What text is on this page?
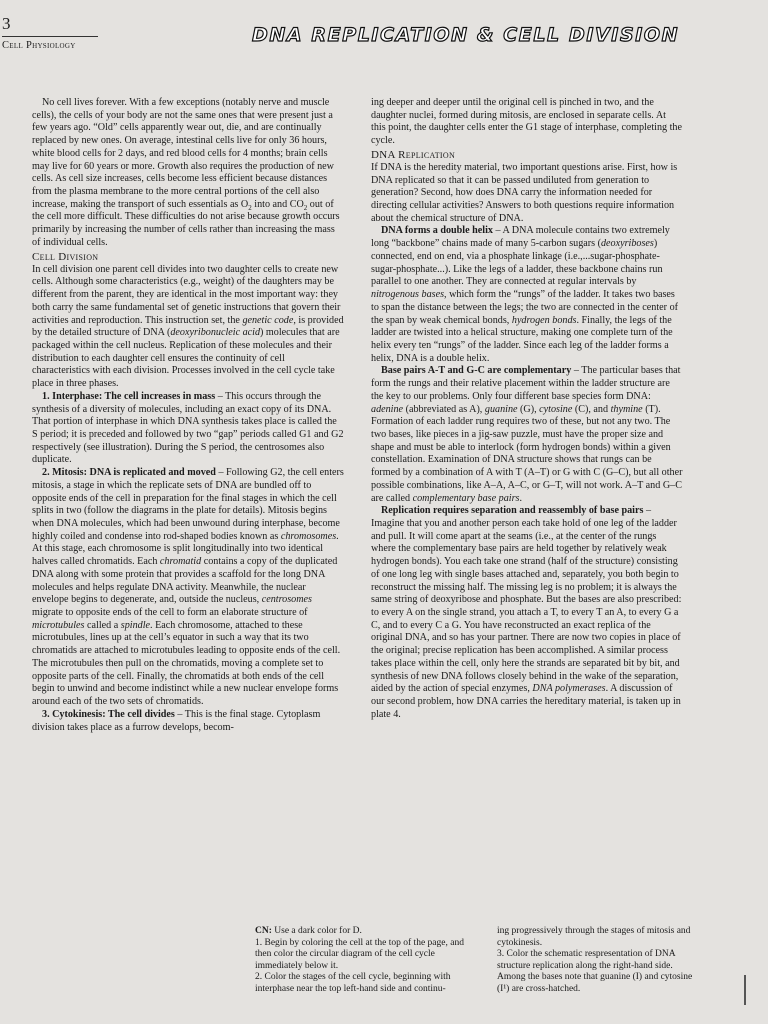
3
Cell Physiology	DNA REPLICATION & CELL DIVISION

No cell lives forever. With a few exceptions (notably nerve and muscle cells), the cells of your body are not the same ones that were present just a few years ago. “Old” cells apparently wear out, die, and are continually replaced by new ones. On average, intestinal cells live for only 36 hours, white blood cells for 2 days, and red blood cells for 4 months; brain cells may live for 60 years or more. Growth also requires the production of new cells. As cell size increases, cells become less efficient because distances from the plasma membrane to the more central portions of the cell also increase, making the transport of such essentials as $O_2$ into and $CO_2$ out of the cell more difficult. These difficulties do not arise because growth occurs primarily by increasing the number of cells rather than increasing the mass of individual cells.

Cell Division

In cell division one parent cell divides into two daughter cells to create new cells. Although some characteristics (e.g., weight) of the daughters may be different from the parent, they are identical in the most important way: they both carry the same fundamental set of genetic instructions that govern their activities and reproduction. This instruction set, the genetic code, is provided by the detailed structure of DNA (deoxyribonucleic acid) molecules that are packaged within the cell nucleus. Replication of these molecules and their distribution to each daughter cell ensures the continuity of cell characteristics with each division. Processes involved in the cell cycle take place in three phases.

1. Interphase: The cell increases in mass – This occurs through the synthesis of a diversity of molecules, including an exact copy of its DNA. That portion of interphase in which DNA synthesis takes place is called the S period; it is preceded and followed by two “gap” periods called G1 and G2 respectively (see illustration). During the S period, the centrosomes also duplicate.

2. Mitosis: DNA is replicated and moved – Following G2, the cell enters mitosis, a stage in which the replicate sets of DNA are bundled off to opposite ends of the cell in preparation for the final stages in which the cell splits in two (follow the diagrams in the plate for details). Mitosis begins when DNA molecules, which had been unwound during interphase, become highly coiled and condense into rod-shaped bodies known as chromosomes. At this stage, each chromosome is split longitudinally into two identical halves called chromatids. Each chromatid contains a copy of the duplicated DNA along with some protein that provides a scaffold for the long DNA molecules and helps regulate DNA activity. Meanwhile, the nuclear envelope begins to degenerate, and, outside the nucleus, centrosomes migrate to opposite ends of the cell to form an elaborate structure of microtubules called a spindle. Each chromosome, attached to these microtubules, lines up at the cell’s equator in such a way that its two chromatids are attached to microtubules leading to opposite ends of the cell. The microtubules then pull on the chromatids, moving a complete set to opposite parts of the cell. Finally, the chromatids at both ends of the cell begin to unwind and become indistinct while a new nuclear envelope forms around each of the two sets of chromatids.

3. Cytokinesis: The cell divides – This is the final stage. Cytoplasm division takes place as a furrow develops, becom-

ing deeper and deeper until the original cell is pinched in two, and the daughter nuclei, formed during mitosis, are enclosed in separate cells. At this point, the daughter cells enter the G1 stage of interphase, completing the cycle.

DNA Replication

If DNA is the heredity material, two important questions arise. First, how is DNA replicated so that it can be passed undiluted from generation to generation? Second, how does DNA carry the information needed for directing cellular activities? Answers to both questions require information about the chemical structure of DNA.

DNA forms a double helix – A DNA molecule contains two extremely long “backbone” chains made of many 5-carbon sugars (deoxyriboses) connected, end on end, via a phosphate linkage (i.e.,...sugar-phosphate-sugar-phosphate...). Like the legs of a ladder, these backbone chains run parallel to one another. They are connected at regular intervals by nitrogenous bases, which form the “rungs” of the ladder. It takes two bases to span the distance between the legs; the two are connected in the center of the span by weak chemical bonds, hydrogen bonds. Finally, the legs of the ladder are twisted into a helical structure, making one complete turn of the helix every ten “rungs” of the ladder. Since each leg of the ladder forms a helix, DNA is a double helix.

Base pairs A-T and G-C are complementary – The particular bases that form the rungs and their relative placement within the ladder structure are the key to our problems. Only four different base species form DNA: adenine (abbreviated as A), guanine (G), cytosine (C), and thymine (T). Formation of each ladder rung requires two of these, but not any two. The two bases, like pieces in a jig-saw puzzle, must have the proper size and shape and must be able to interlock (form hydrogen bonds) within a given constellation. Examination of DNA structure shows that rungs can be formed by a combination of A with T (A–T) or G with C (G–C), but all other possible combinations, like A–A, A–C, or G–T, will not work. A–T and G–C are called complementary base pairs.

Replication requires separation and reassembly of base pairs – Imagine that you and another person each take hold of one leg of the ladder and pull. It will come apart at the seams (i.e., at the center of the rungs where the complementary base pairs are held together by relatively weak hydrogen bonds). You each take one strand (half of the structure) consisting of one long leg with single bases attached and, separately, you both begin to reconstruct the missing half. The missing leg is no problem; it is always the same string of deoxyribose and phosphate. But the bases are also prescribed: to every A on the single strand, you attach a T, to every T an A, to every G a C, and to every C a G. You have reconstructed an exact replica of the original DNA, and so has your partner. There are now two copies in place of the original; precise replication has been accomplished. A similar process takes place within the cell, only here the strands are separated bit by bit, and synthesis of new DNA follows closely behind in the wake of the separation, aided by the action of special enzymes, DNA polymerases. A discussion of our second problem, how DNA carries the hereditary material, is taken up in plate 4.

CN: Use a dark color for D.

1. Begin by coloring the cell at the top of the page, and then color the circular diagram of the cell cycle immediately below it.

2. Color the stages of the cell cycle, beginning with interphase near the top left-hand side and continu-

ing progressively through the stages of mitosis and cytokinesis.

3. Color the schematic respresentation of DNA structure replication along the right-hand side. Among the bases note that guanine (I) and cytosine (I¹) are cross-hatched.
